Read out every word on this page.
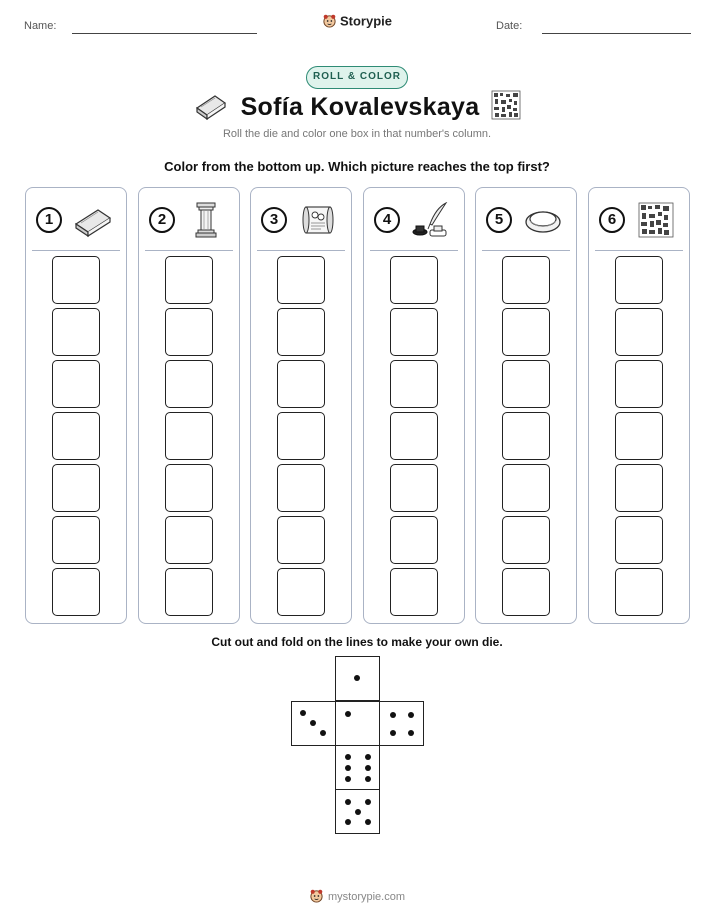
Name:	Storypie	Date:
ROLL & COLOR
Sofía Kovalevskaya
Roll the die and color one box in that number's column.
Color from the bottom up. Which picture reaches the top first?
1	2	3	4	5	6
Cut out and fold on the lines to make your own die.
mystorypie.com
